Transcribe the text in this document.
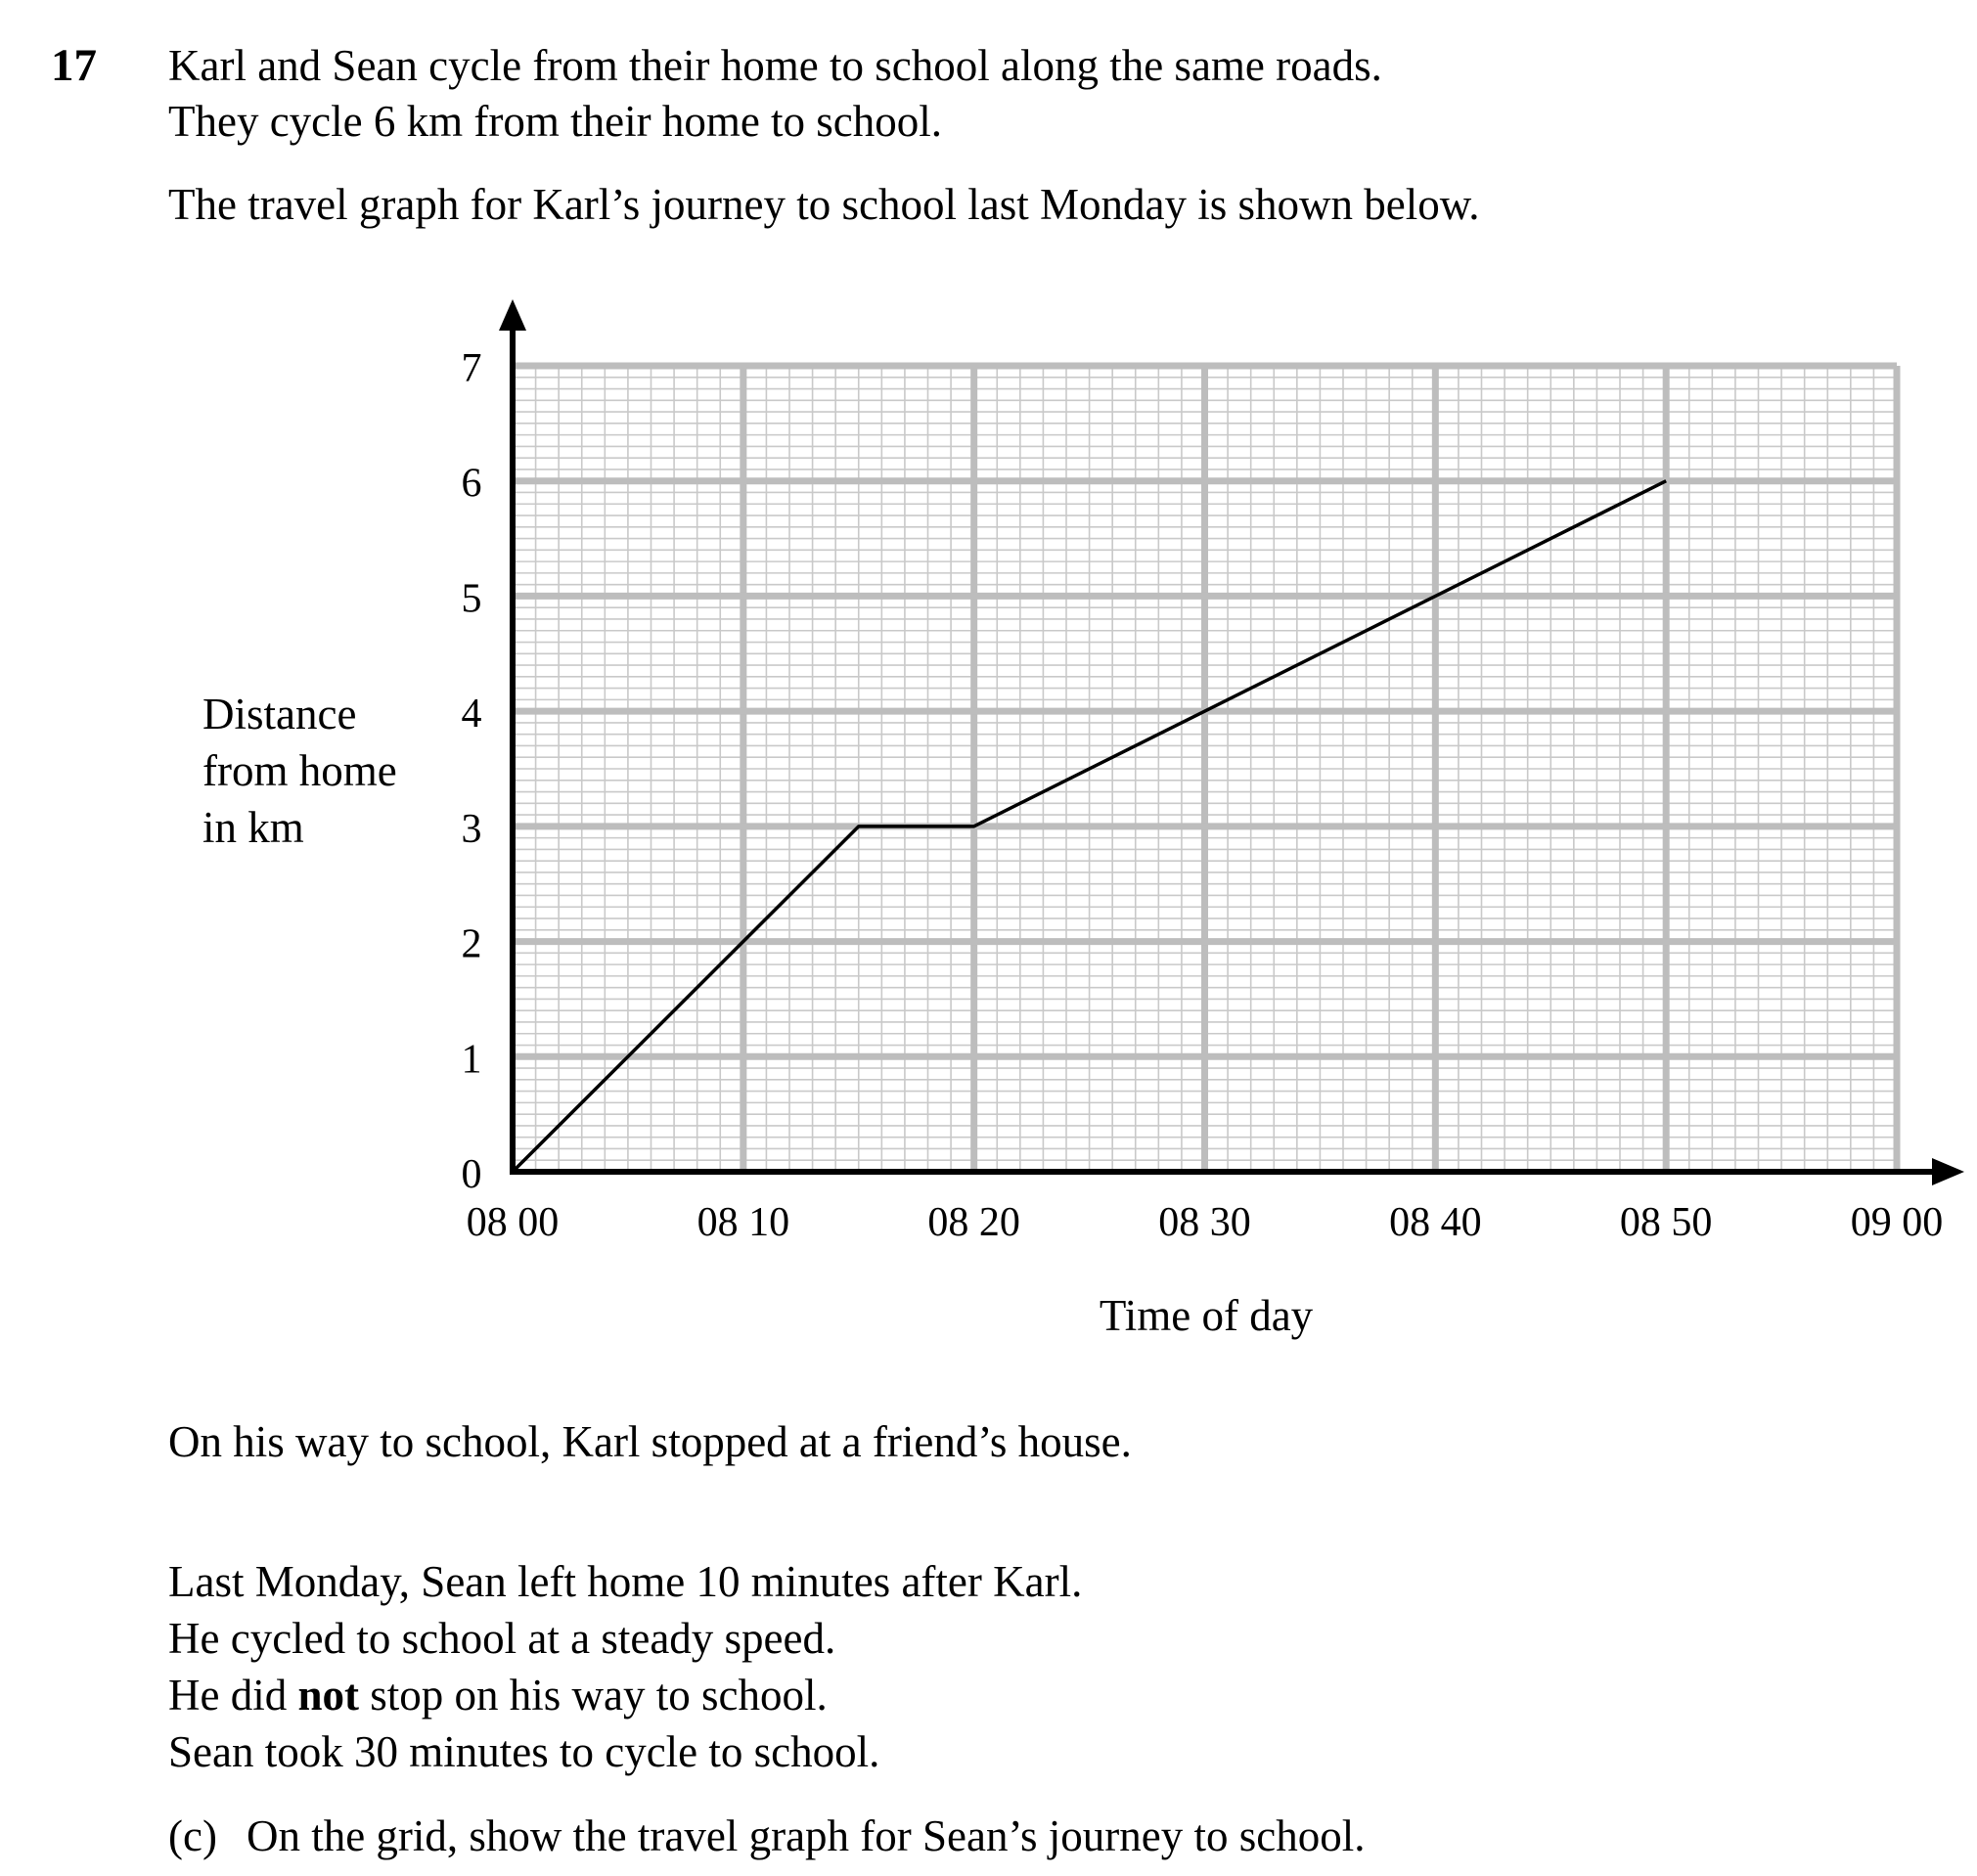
17 Karl and Sean cycle from their home to school along the same roads.
They cycle 6 km from their home to school.
The travel graph for Karl’s journey to school last Monday is shown below.
0
1
2
3
4
5
6
7
08 00	08 10	08 20	08 30	08 40	08 50	09 00
Time of day
Distance
from home
in km
On his way to school, Karl stopped at a friend’s house.
Last Monday, Sean left home 10 minutes after Karl.
He cycled to school at a steady speed.
He did not stop on his way to school.
Sean took 30 minutes to cycle to school.
(c) On the grid, show the travel graph for Sean’s journey to school.
